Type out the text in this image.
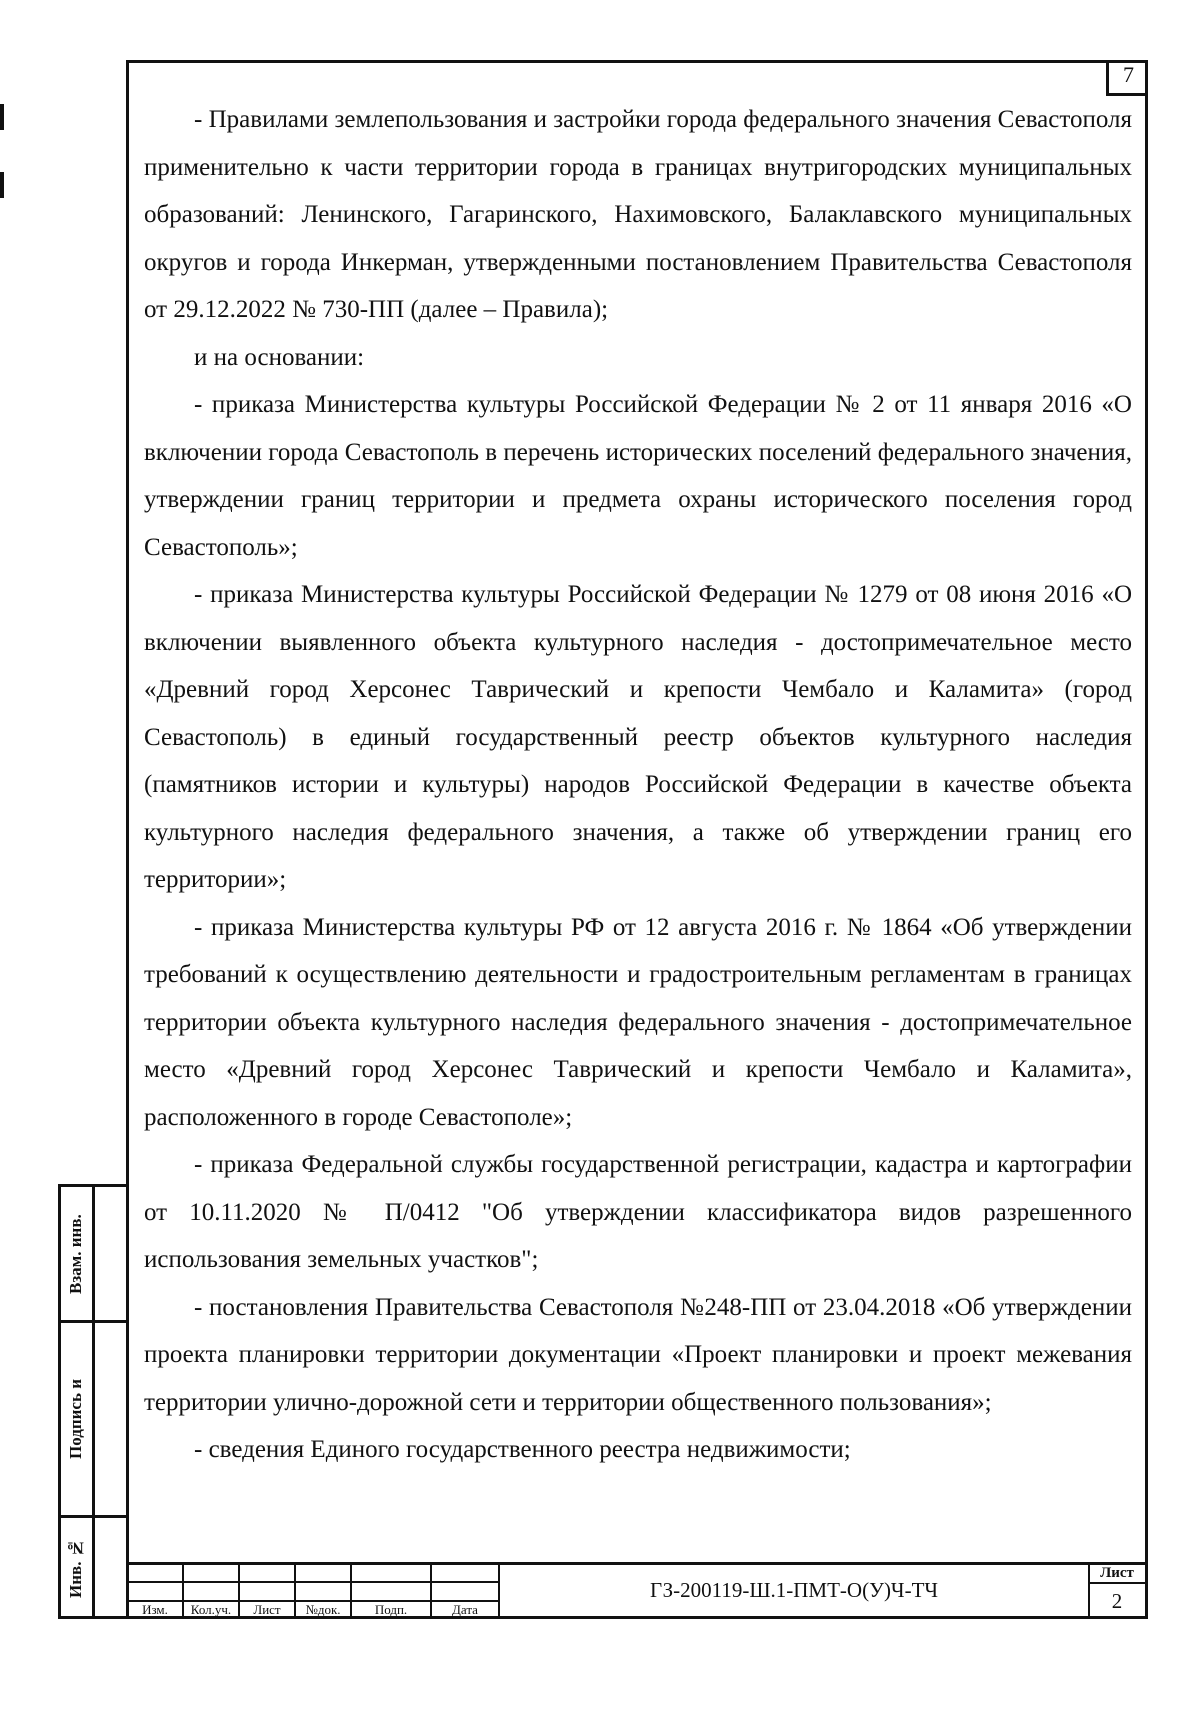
7

- Правилами землепользования и застройки города федерального значения Севастополя применительно к части территории города в границах внутригородских муниципальных образований: Ленинского, Гагаринского, Нахимовского, Балаклавского муниципальных округов и города Инкерман, утвержденными постановлением Правительства Севастополя от 29.12.2022 № 730-ПП (далее – Правила);

и на основании:

- приказа Министерства культуры Российской Федерации № 2 от 11 января 2016 «О включении города Севастополь в перечень исторических поселений федерального значения, утверждении границ территории и предмета охраны исторического поселения город Севастополь»;

- приказа Министерства культуры Российской Федерации № 1279 от 08 июня 2016 «О включении выявленного объекта культурного наследия - достопримечательное место «Древний город Херсонес Таврический и крепости Чембало и Каламита» (город Севастополь) в единый государственный реестр объектов культурного наследия (памятников истории и культуры) народов Российской Федерации в качестве объекта культурного наследия федерального значения, а также об утверждении границ его территории»;

- приказа Министерства культуры РФ от 12 августа 2016 г. № 1864 «Об утверждении требований к осуществлению деятельности и градостроительным регламентам в границах территории объекта культурного наследия федерального значения - достопримечательное место «Древний город Херсонес Таврический и крепости Чембало и Каламита», расположенного в городе Севастополе»;

- приказа Федеральной службы государственной регистрации, кадастра и картографии от 10.11.2020 № П/0412 "Об утверждении классификатора видов разрешенного использования земельных участков";

- постановления Правительства Севастополя №248-ПП от 23.04.2018 «Об утверждении проекта планировки территории документации «Проект планировки и проект межевания территории улично-дорожной сети и территории общественного пользования»;

- сведения Единого государственного реестра недвижимости;

Взам. инв.
Подпись и
Инв. №
Изм.	Кол.уч.	Лист	№док.	Подп.	Дата
ГЗ-200119-Ш.1-ПМТ-О(У)Ч-ТЧ
Лист
2
